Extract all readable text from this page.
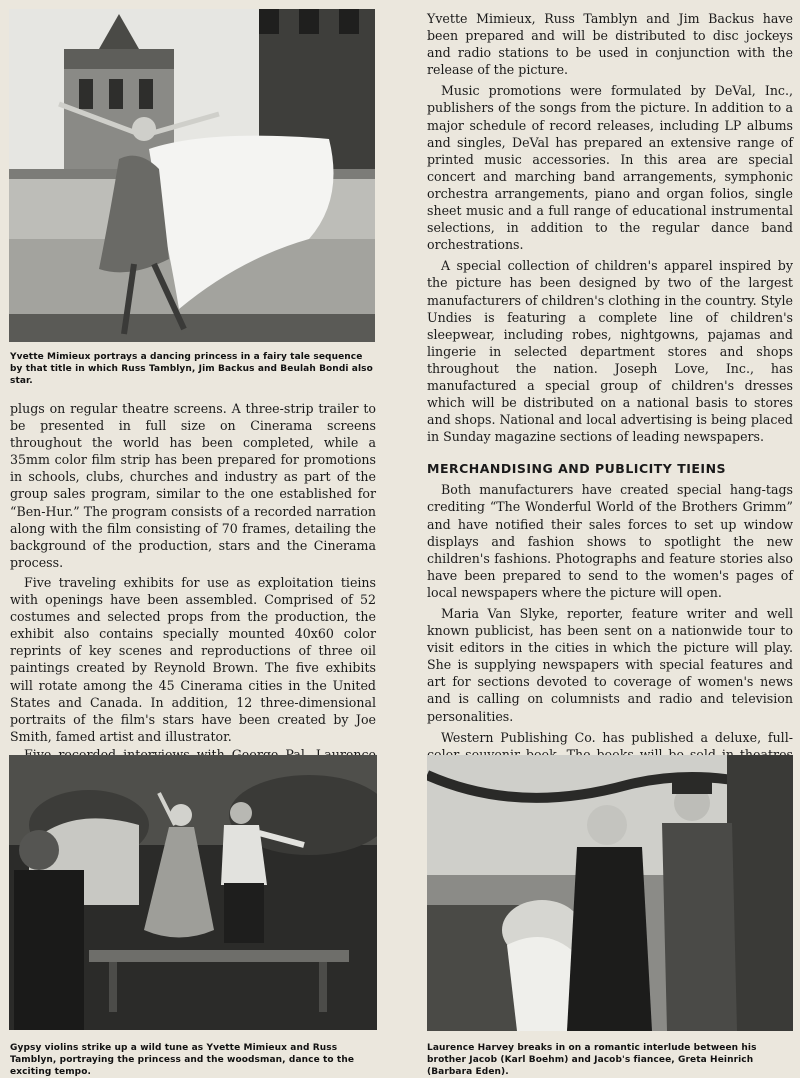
Yvette Mimieux portrays a dancing princess in a fairy tale sequence by that title in which Russ Tamblyn, Jim Backus and Beulah Bondi also star.

plugs on regular theatre screens. A three-strip trailer to be presented in full size on Cinerama screens throughout the world has been completed, while a 35mm color film strip has been prepared for promotions in schools, clubs, churches and industry as part of the group sales program, similar to the one established for “Ben-Hur.” The program consists of a recorded narration along with the film consisting of 70 frames, detailing the background of the production, stars and the Cinerama process.

Five traveling exhibits for use as exploitation tieins with openings have been assembled. Comprised of 52 costumes and selected props from the production, the exhibit also contains specially mounted 40x60 color reprints of key scenes and reproductions of three oil paintings created by Reynold Brown. The five exhibits will rotate among the 45 Cinerama cities in the United States and Canada. In addition, 12 three-dimensional portraits of the film's stars have been created by Joe Smith, famed artist and illustrator.

Yvette Mimieux, Russ Tamblyn and Jim Backus have been prepared and will be distributed to disc jockeys and radio stations to be used in conjunction with the release of the picture.

Music promotions were formulated by DeVal, Inc., publishers of the songs from the picture. In addition to a major schedule of record releases, including LP albums and singles, DeVal has prepared an extensive range of printed music accessories. In this area are special concert and marching band arrangements, symphonic orchestra arrangements, piano and organ folios, single sheet music and a full range of educational instrumental selections, in addition to the regular dance band orchestrations.

A special collection of children's apparel inspired by the picture has been designed by two of the largest manufacturers of children's clothing in the country. Style Undies is featuring a complete line of children's sleepwear, including robes, nightgowns, pajamas and lingerie in selected department stores and shops throughout the nation. Joseph Love, Inc., has manufactured a special group of children's dresses which will be distributed on a national basis to stores and shops. National and local advertising is being placed in Sunday magazine sections of leading newspapers.

MERCHANDISING AND PUBLICITY TIEINS

Both manufacturers have created special hang-tags crediting “The Wonderful World of the Brothers Grimm” and have notified their sales forces to set up window displays and fashion shows to spotlight the new children's fashions. Photographs and feature stories also have been prepared to send to the women's pages of local newspapers where the picture will open.

Maria Van Slyke, reporter, feature writer and well known publicist, has been sent on a nationwide tour to visit editors in the cities in which the picture will play. She is supplying newspapers with special features and art for sections devoted to coverage of women's news and is calling on columnists and radio and television personalities.

Western Publishing Co. has published a deluxe, full-

Gypsy violins strike up a wild tune as Yvette Mimieux and Russ Tamblyn, portraying the princess and the woodsman, dance to the exciting tempo.
Laurence Harvey breaks in on a romantic interlude between his brother Jacob (Karl Boehm) and Jacob's fiancee, Greta Heinrich (Barbara Eden).
